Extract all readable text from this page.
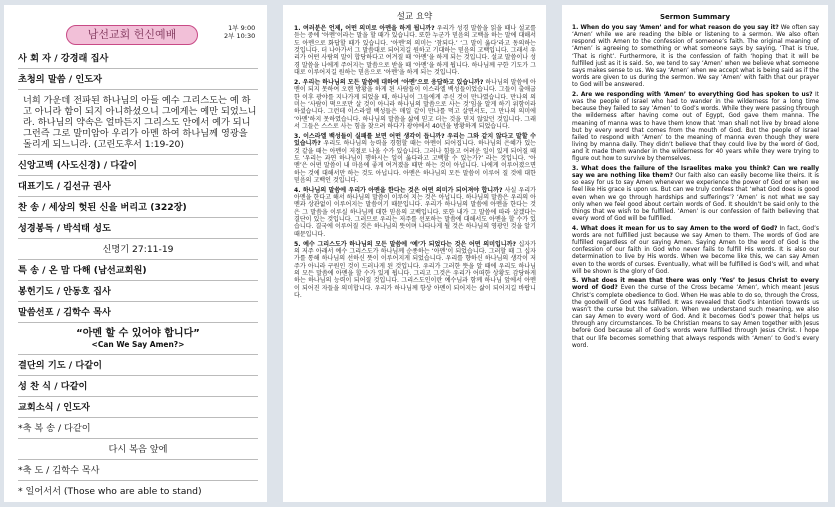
남선교회 헌신예배	1부 9:00
2부 10:30
사 회 자 / 강경래 집사
초청의 말씀 / 인도자
너희 가운데 전파된 하나님의 아들 예수 그리스도는 예 하고 아니라 함이 되지 아니하셨으니 그에게는 예만 되었느니라. 하나님의 약속은 얼마든지 그리스도 안에서 예가 되니 그런즉 그로 말미암아 우리가 아멘 하여 하나님께 영광을 돌리게 되느니라. (고린도후서 1:19-20)
신앙고백 (사도신경) / 다같이
대표기도 / 김선규 권사
찬 송 / 세상의 헛된 신을 버리고 (322장)
성경봉독 / 박석태 성도
신명기 27:11-19
특 송 / 온 맘 다해 (남선교회원)
봉헌기도 / 안동호 집사
말씀선포 / 김학수 목사
“아멘 할 수 있어야 합니다”
<Can We Say Amen?>
결단의 기도 / 다같이
성 찬 식 / 다같이
교회소식 / 인도자
*축 복 송 / 다같이
다시 복음 앞에
*축 도 / 김학수 목사
* 일어서서 (Those who are able to stand)
설교 요약
1. 여러분은 언제, 어떤 의미로 아멘을 하게 됩니까? 우리가 성경 말씀을 읽을 때나 설교를 듣는 중에 ‘아멘’이라는 말을 할 때가 있습니다. 또한 누군가 믿음의 고백을 하는 말에 대해서도 아멘으로 화답할 때가 있습니다. ‘아멘’의 의미는 ‘참되다.’ ‘그 말이 옳다’라고 동의하는 것입니다. 더 나아가서 그 말씀대로 되어지길 원하고 기대하는 믿음의 고백입니다. 그래서 우리가 어떤 사람의 말이 합당하다고 여겨질 때 ‘아멘’을 하게 되는 것입니다. 설교 말씀이나 성경 말씀을 나에게 주어지는 말씀으로 받을 때 ‘아멘’을 하게 됩니다. 하나님께 구한 기도가 그대로 이루어지길 원하는 믿음으로 ‘아멘’을 하게 되는 것입니다.
2. 우리는 하나님의 모든 말씀에 대하여 ‘아멘’으로 응답하고 있습니까? 하나님의 말씀에 아멘이 되지 못하여 오랜 방황을 하게 된 사람들이 이스라엘 백성들이었습니다. 그들이 출애굽한 이후 광야를 지나가게 되었을 때, 하나님이 그들에게 주신 것이 만나였습니다. 만나의 의미는 ‘사람이 떡으로만 살 것이 아니라 하나님의 말씀으로 사는 것’임을 알게 하기 위함이라 하셨습니다. 그런데 이스라엘 백성들은 매일 같이 만나를 먹고 살면서도, 그 만나의 의미에 ‘아멘’하지 못하였습니다. 하나님의 말씀을 삶에 믿고 더는 것을 믿지 않았던 것입니다. 그래서 그들은 스스로 사는 힘을 찾으려 하다가 광야에서 40년을 방황하게 되었습니다.
3. 이스라엘 백성들이 실패를 보면 어떤 생각이 듭니까? 우리는 그와 같지 않다고 말할 수 있습니까? 우리도 하나님의 능력을 경험할 때는 아멘이 되어집니다. 하나님의 은혜가 있는 것 같을 때는 아멘이 저절로 나올 수가 있습니다. 그러나 힘들고 어려운 일이 있게 되어질 때도 ‘우리는 과연 하나님이 행하시는 일이 옳다라고 고백할 수 있는가?’ 라는 것입니다. ‘아멘’은 어떤 말씀이 내 마음에 좋게 여겨졌을 때만 하는 것이 아닙니다. 나에게 이루어졌으면 하는 것에 대해서만 하는 것도 아닙니다. 아멘은 하나님의 모든 말씀이 이루어 질 것에 대한 믿음의 고백인 것입니다.
4. 하나님의 말씀에 우리가 아멘을 한다는 것은 어떤 의미가 되어져야 합니까? 사실 우리가 아멘을 한다고 해서 하나님의 말씀이 이루어 지는 것은 아닙니다. 하나님의 말씀은 우리의 아멘과 상관없이 이루어지는 말씀이기 때문입니다. 우리가 하나님의 말씀에 아멘을 한다는 것은 그 말씀을 이루실 하나님께 대한 믿음의 고백입니다. 또한 내가 그 말씀에 따라 살겠다는 결단이 있는 것입니다. 그러므로 우리는 저주를 선포하는 말씀에 대해서도 아멘을 할 수가 있습니다. 결국에 이루어질 것은 하나님의 뜻이며 나타나게 될 것은 하나님의 영광인 것을 알기 때문입니다.
5. 예수 그리스도가 하나님의 모든 말씀에 ‘예’가 되었다는 것은 어떤 의미입니까? 십자가의 저주 아래서 예수 그리스도가 하나님께 순종하는 ‘아멘’이 되었습니다. 그러할 때 그 십자가를 통해 하나님의 선하신 뜻이 이루어지게 되었습니다. 우리를 향하신 하나님의 생각이 저주가 아니라 구원인 것이 드러나게 된 것입니다. 우리가 그러한 뜻을 알 때에 우리도 하나님의 모든 말씀에 아멘을 할 수가 있게 됩니다. 그리고 그것은 우리가 어떠한 상황도 감당하게 하는 하나님의 능력이 되어질 것입니다. 그리스도인이란 예수님과 함께 하나님 앞에서 아멘이 되어진 자들을 의미합니다. 우리가 하나님께 항상 아멘이 되어지는 삶이 되어지길 바랍니다.
Sermon Summary
1. When do you say ‘Amen’ and for what reason do you say it? We often say ‘Amen’ while we are reading the bible or listening to a sermon. We also often respond with Amen to the confession of someone’s faith. The original meaning of ‘Amen’ is agreeing to something or what someone says by saying, ‘That is true, ‘That is right’. Furthermore, it is the confession of faith ‘hoping that it will be fulfilled just as it is said. So, we tend to say ‘Amen’ when we believe what someone says makes sense to us. We say ‘Amen’ when we accept what is being said as if the words are given to us during the sermon. We say ‘Amen’ with faith that our prayer to God will be answered.
2. Are we responding with ‘Amen’ to everything God has spoken to us? It was the people of Israel who had to wander in the wilderness for a long time because they failed to say ‘Amen’ to God’s words. While they were passing through the wilderness after having come out of Egypt, God gave them manna. The meaning of manna was to have them know that ‘man shall not live by bread alone but by every word that comes from the mouth of God. But the people of Israel failed to respond with ‘Amen’ to the meaning of manna even though they were living by manna daily. They didn’t believe that they could live by the word of God, and it made them wander in the wilderness for 40 years while they were trying to figure out how to survive by themselves.
3. What does the failure of the Israelites make you think? Can we really say we are nothing like them? Our faith also can easily become like theirs. It is so easy for us to say Amen whenever we experience the power of God or when we feel like His grace is upon us. But can we truly confess that ‘what God does is good even when we go through hardships and sufferings’? ‘Amen’ is not what we say only when we feel good about certain words of God. It shouldn’t be said only to the things that we wish to be fulfilled. ‘Amen’ is our confession of faith believing that every word of God will be fulfilled.
4. What does it mean for us to say Amen to the word of God? In fact, God’s words are not fulfilled just because we say Amen to them. The words of God are fulfilled regardless of our saying Amen. Saying Amen to the word of God is the confession of our faith in God who never fails to fulfill His words. It is also our determination to live by His words. When we become like this, we can say Amen even to the words of curses. Eventually, what will be fulfilled is God’s will, and what will be shown is the glory of God.
5. What does it mean that there was only ‘Yes’ to Jesus Christ to every word of God? Even the curse of the Cross became ‘Amen’, which meant Jesus Christ’s complete obedience to God. When He was able to do so, through the Cross, the goodwill of God was fulfilled. It was revealed that God’s intention towards us wasn’t the curse but the salvation. When we understand such meaning, we also can say Amen to every word of God. And it becomes God’s power that helps us through any circumstances. To be Christian means to say Amen together with Jesus before God because all of God’s words were fulfilled through Jesus Christ. I hope that our life becomes something that always responds with ‘Amen’ to God’s every word.
